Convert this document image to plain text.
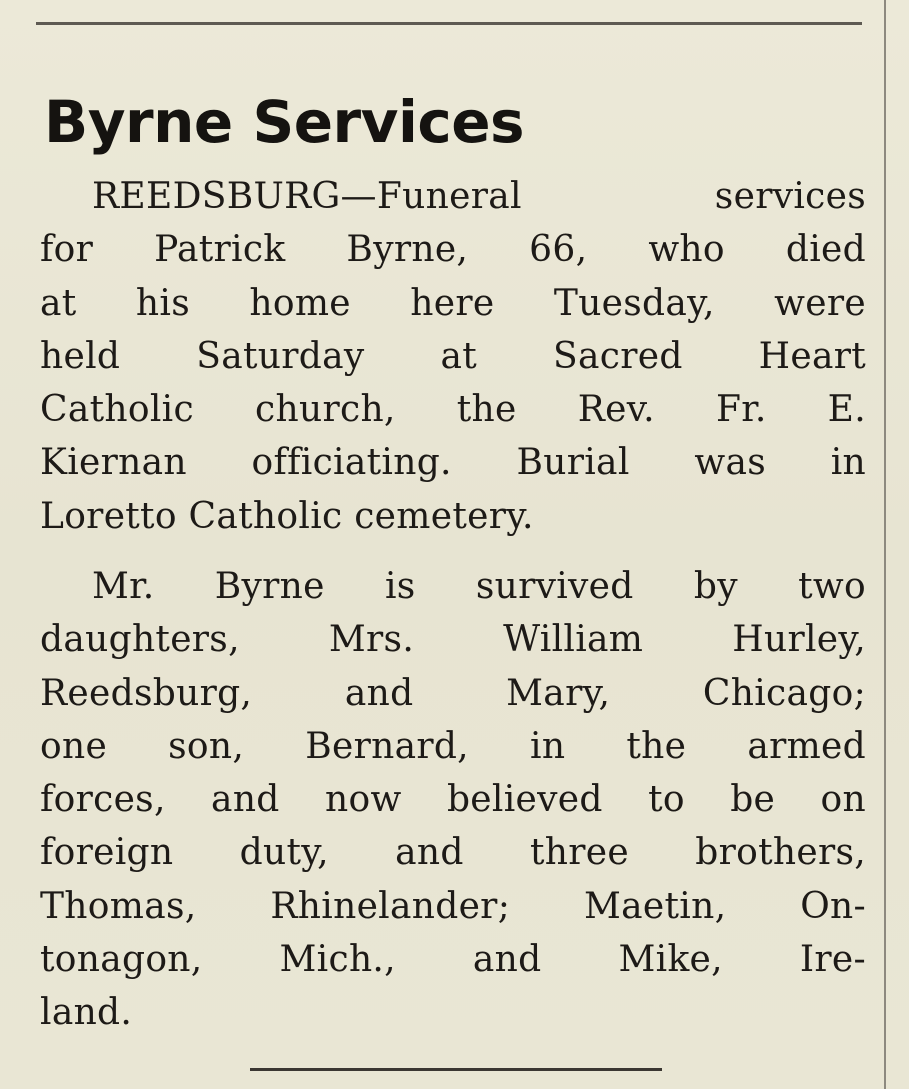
Byrne Services
REEDSBURG—Funeral services
for Patrick Byrne, 66, who died
at his home here Tuesday, were
held Saturday at Sacred Heart
Catholic church, the Rev. Fr. E.
Kiernan officiating. Burial was in
Loretto Catholic cemetery.
Mr. Byrne is survived by two
daughters, Mrs. William Hurley,
Reedsburg, and Mary, Chicago;
one son, Bernard, in the armed
forces, and now believed to be on
foreign duty, and three brothers,
Thomas, Rhinelander; Maetin, On-
tonagon, Mich., and Mike, Ire-
land.
